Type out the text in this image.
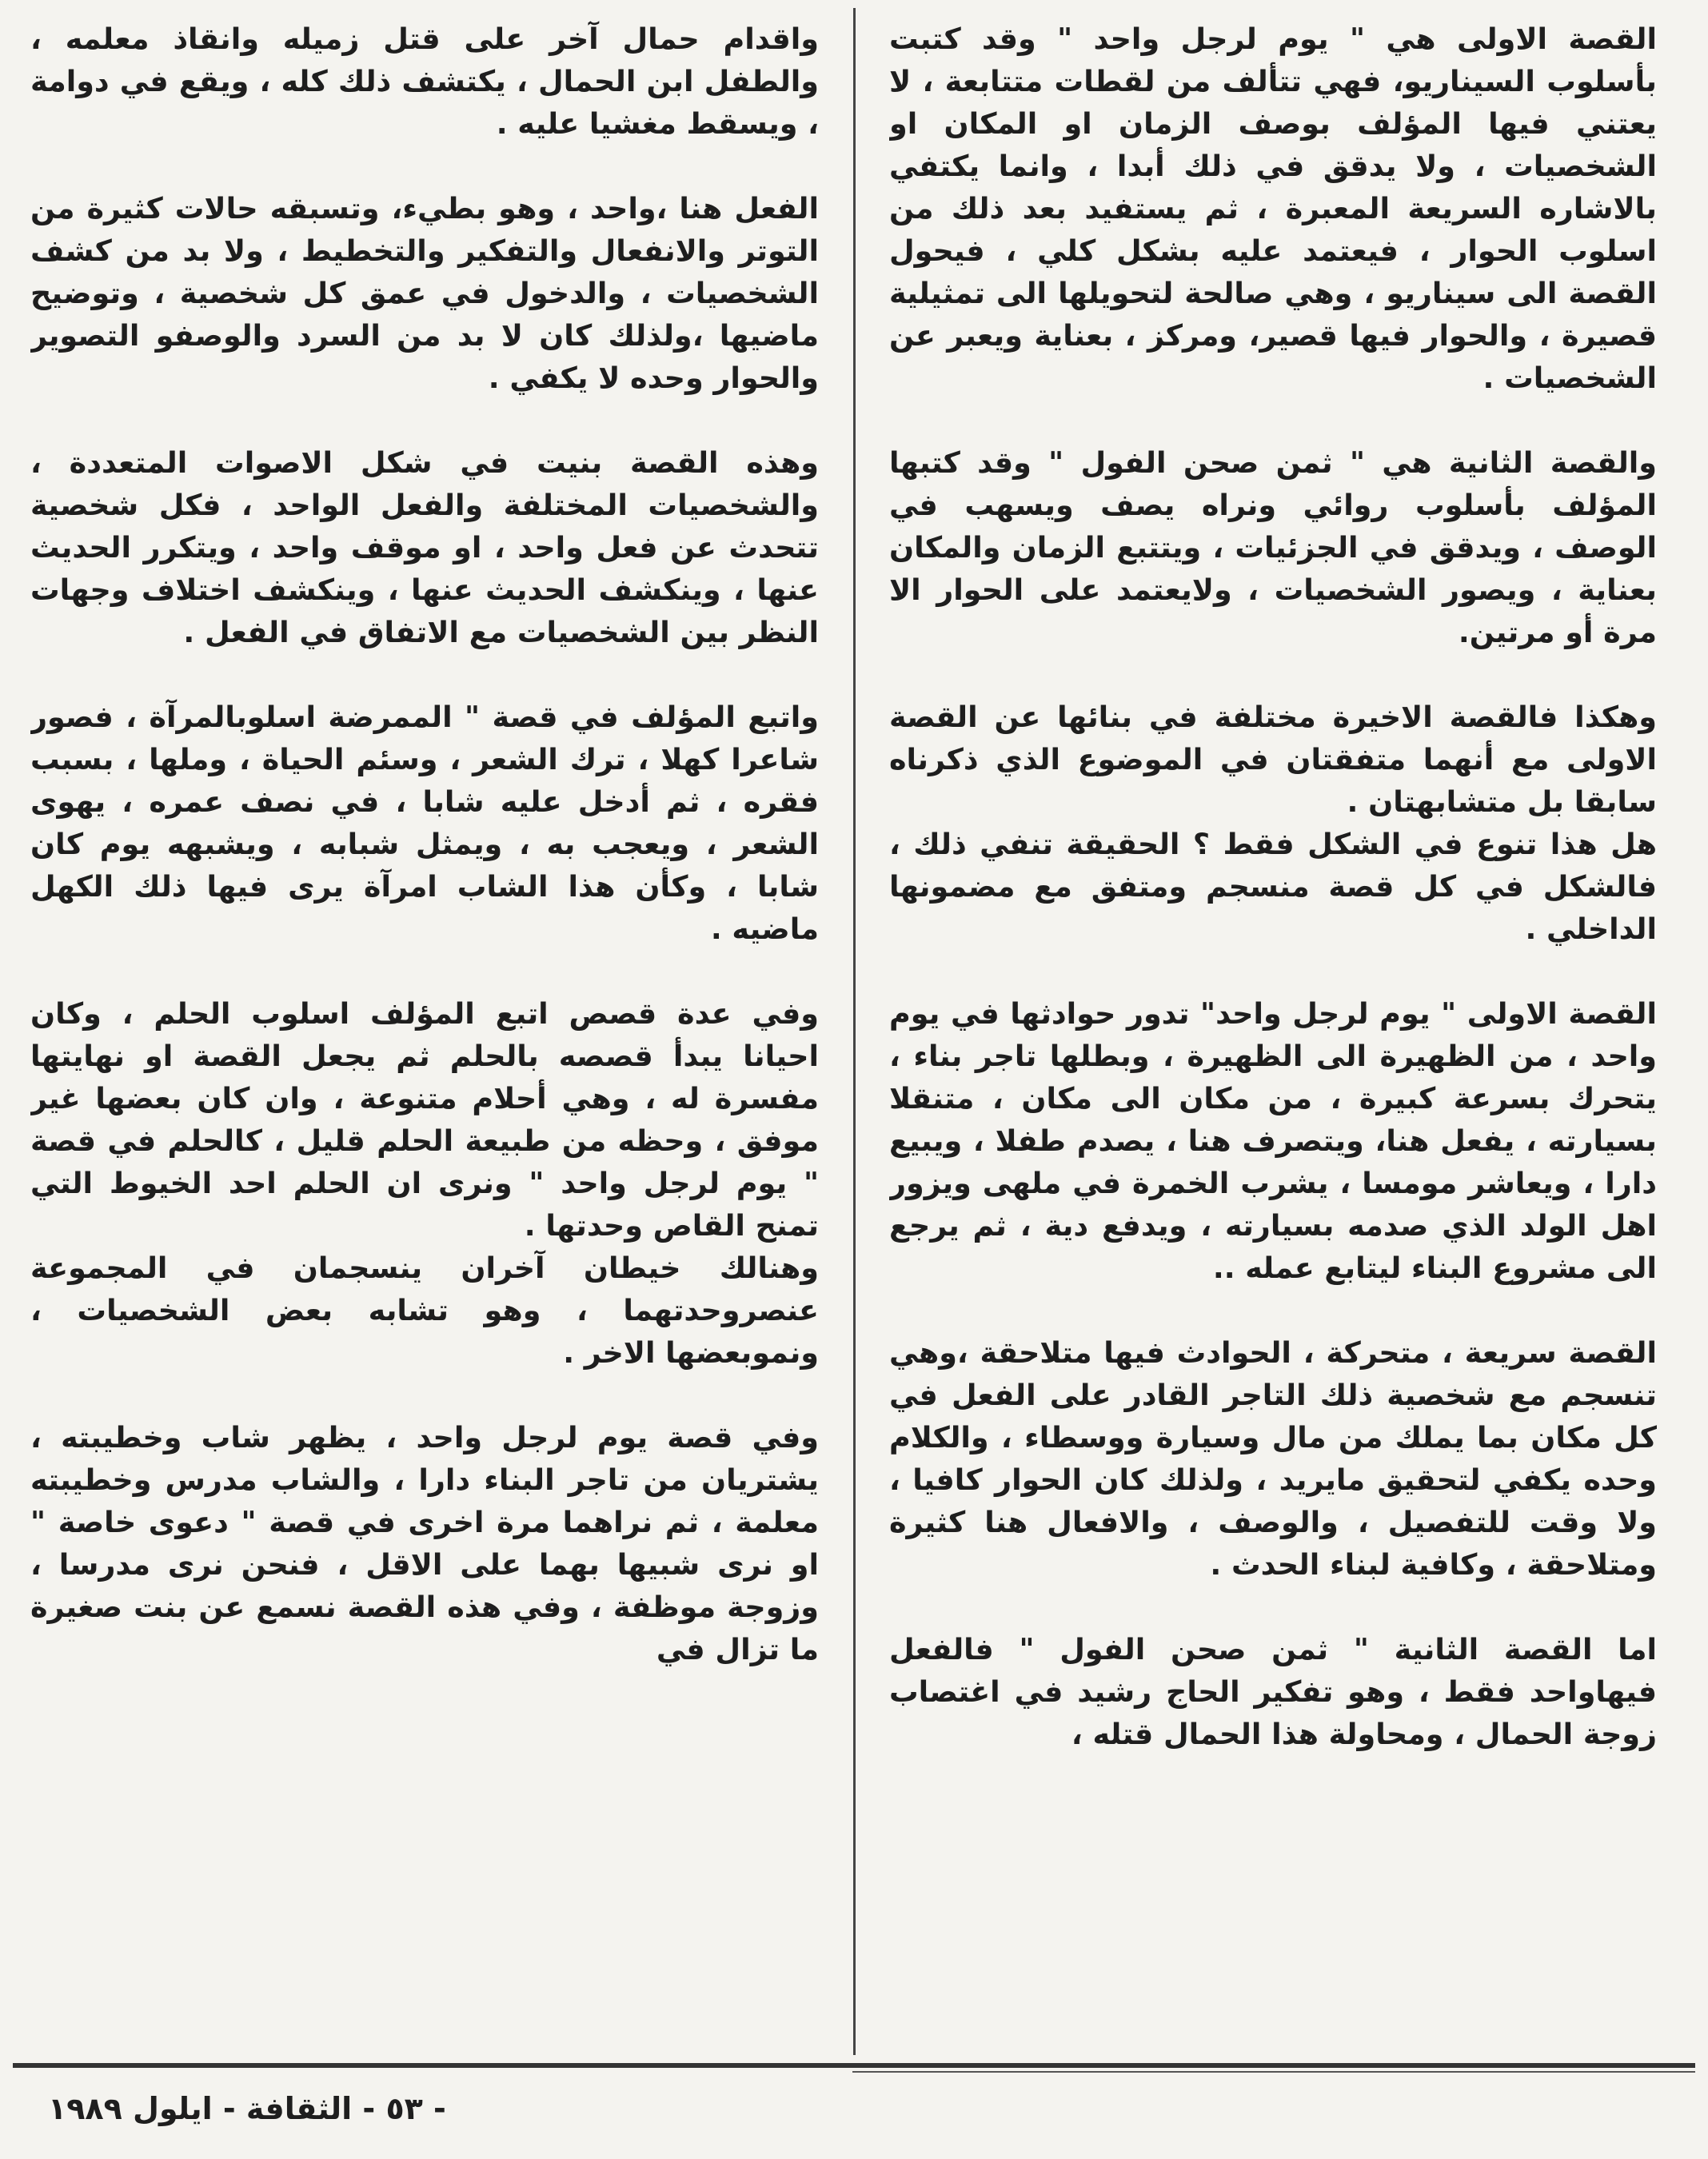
القصة الاولى هي " يوم لرجل واحد " وقد كتبت بأسلوب السيناريو، فهي تتألف من لقطات متتابعة ، لا يعتني فيها المؤلف بوصف الزمان او المكان او الشخصيات ، ولا يدقق في ذلك أبدا ، وانما يكتفي بالاشاره السريعة المعبرة ، ثم يستفيد بعد ذلك من اسلوب الحوار ، فيعتمد عليه بشكل كلي ، فيحول القصة الى سيناريو ، وهي صالحة لتحويلها الى تمثيلية قصيرة ، والحوار فيها قصير، ومركز ، بعناية ويعبر عن الشخصيات .

والقصة الثانية هي " ثمن صحن الفول " وقد كتبها المؤلف بأسلوب روائي ونراه يصف ويسهب في الوصف ، ويدقق في الجزئيات ، ويتتبع الزمان والمكان بعناية ، ويصور الشخصيات ، ولايعتمد على الحوار الا مرة أو مرتين.

وهكذا فالقصة الاخيرة مختلفة في بنائها عن القصة الاولى مع أنهما متفقتان في الموضوع الذي ذكرناه سابقا بل متشابهتان .

هل هذا تنوع في الشكل فقط ؟ الحقيقة تنفي ذلك ، فالشكل في كل قصة منسجم ومتفق مع مضمونها الداخلي .

القصة الاولى " يوم لرجل واحد" تدور حوادثها في يوم واحد ، من الظهيرة الى الظهيرة ، وبطلها تاجر بناء ، يتحرك بسرعة كبيرة ، من مكان الى مكان ، متنقلا بسيارته ، يفعل هنا، ويتصرف هنا ، يصدم طفلا ، ويبيع دارا ، ويعاشر مومسا ، يشرب الخمرة في ملهى ويزور اهل الولد الذي صدمه بسيارته ، ويدفع دية ، ثم يرجع الى مشروع البناء ليتابع عمله ..

القصة سريعة ، متحركة ، الحوادث فيها متلاحقة ،وهي تنسجم مع شخصية ذلك التاجر القادر على الفعل في كل مكان بما يملك من مال وسيارة ووسطاء ، والكلام وحده يكفي لتحقيق مايريد ، ولذلك كان الحوار كافيا ، ولا وقت للتفصيل ، والوصف ، والافعال هنا كثيرة ومتلاحقة ، وكافية لبناء الحدث .

اما القصة الثانية " ثمن صحن الفول " فالفعل فيهاواحد فقط ، وهو تفكير الحاج رشيد في اغتصاب زوجة الحمال ، ومحاولة هذا الحمال قتله ،

واقدام حمال آخر على قتل زميله وانقاذ معلمه ، والطفل ابن الحمال ، يكتشف ذلك كله ، ويقع في دوامة ، ويسقط مغشيا عليه .

الفعل هنا ،واحد ، وهو بطيء، وتسبقه حالات كثيرة من التوتر والانفعال والتفكير والتخطيط ، ولا بد من كشف الشخصيات ، والدخول في عمق كل شخصية ، وتوضيح ماضيها ،ولذلك كان لا بد من السرد والوصفو التصوير والحوار وحده لا يكفي .

وهذه القصة بنيت في شكل الاصوات المتعددة ، والشخصيات المختلفة والفعل الواحد ، فكل شخصية تتحدث عن فعل واحد ، او موقف واحد ، ويتكرر الحديث عنها ، وينكشف الحديث عنها ، وينكشف اختلاف وجهات النظر بين الشخصيات مع الاتفاق في الفعل .

واتبع المؤلف في قصة " الممرضة اسلوبالمرآة ، فصور شاعرا كهلا ، ترك الشعر ، وسئم الحياة ، وملها ، بسبب فقره ، ثم أدخل عليه شابا ، في نصف عمره ، يهوى الشعر ، ويعجب به ، ويمثل شبابه ، ويشبهه يوم كان شابا ، وكأن هذا الشاب امرآة يرى فيها ذلك الكهل ماضيه .

وفي عدة قصص اتبع المؤلف اسلوب الحلم ، وكان احيانا يبدأ قصصه بالحلم ثم يجعل القصة او نهايتها مفسرة له ، وهي أحلام متنوعة ، وان كان بعضها غير موفق ، وحظه من طبيعة الحلم قليل ، كالحلم في قصة " يوم لرجل واحد " ونرى ان الحلم احد الخيوط التي تمنح القاص وحدتها .

وهنالك خيطان آخران ينسجمان في المجموعة عنصروحدتهما ، وهو تشابه بعض الشخصيات ، ونموبعضها الاخر .

وفي قصة يوم لرجل واحد ، يظهر شاب وخطيبته ، يشتريان من تاجر البناء دارا ، والشاب مدرس وخطيبته معلمة ، ثم نراهما مرة اخرى في قصة " دعوى خاصة " او نرى شبيها بهما على الاقل ، فنحن نرى مدرسا ، وزوجة موظفة ، وفي هذه القصة نسمع عن بنت صغيرة ما تزال في

- ٥٣ - الثقافة - ايلول ١٩٨٩
